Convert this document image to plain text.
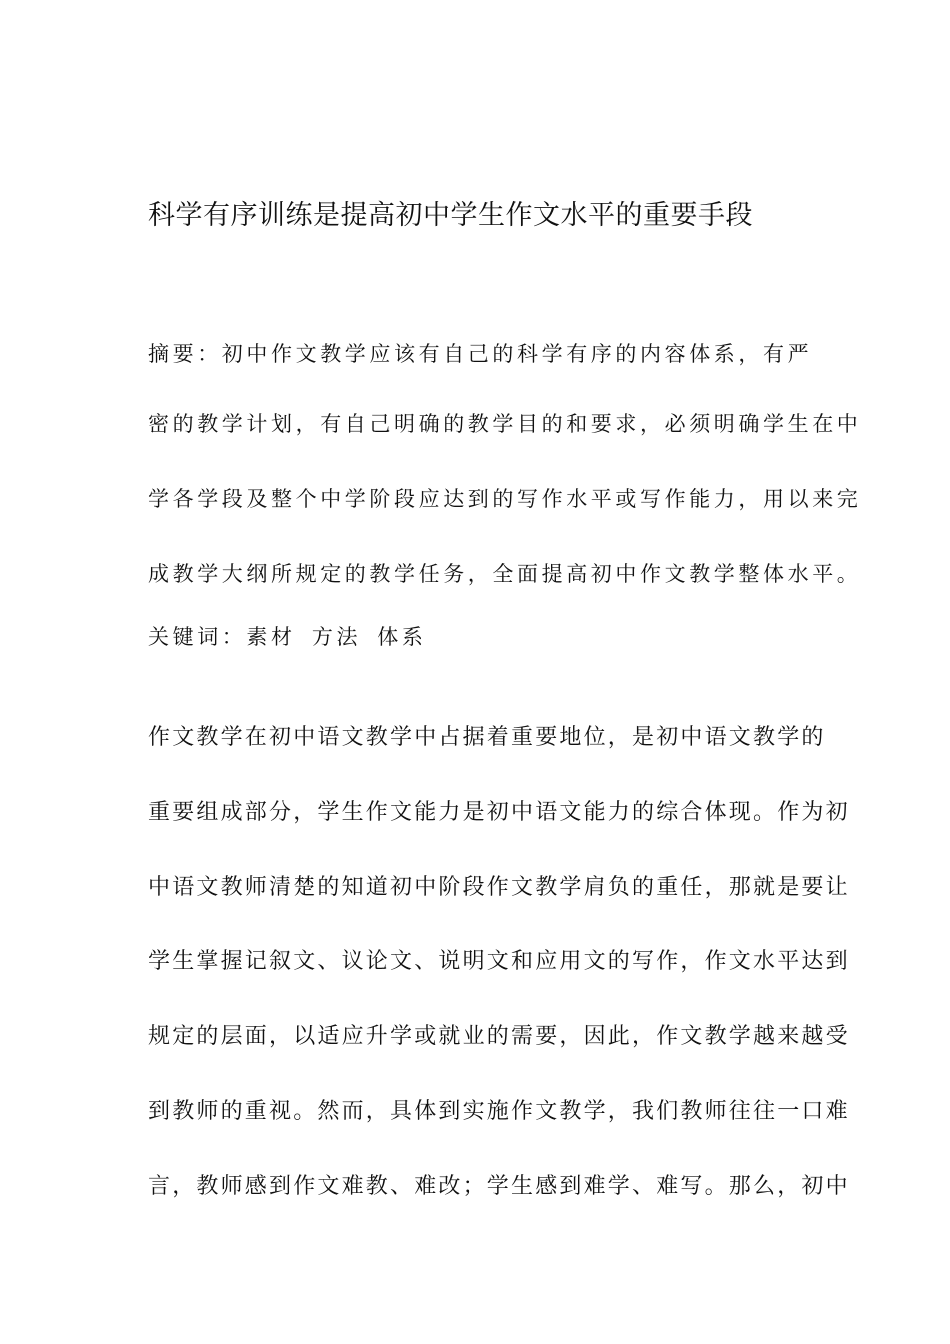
科学有序训练是提高初中学生作文水平的重要手段
摘要：初中作文教学应该有自己的科学有序的内容体系，有严
密的教学计划，有自己明确的教学目的和要求，必须明确学生在中
学各学段及整个中学阶段应达到的写作水平或写作能力，用以来完
成教学大纲所规定的教学任务，全面提高初中作文教学整体水平。
关键词：素材 方法 体系
作文教学在初中语文教学中占据着重要地位，是初中语文教学的
重要组成部分，学生作文能力是初中语文能力的综合体现。作为初
中语文教师清楚的知道初中阶段作文教学肩负的重任，那就是要让
学生掌握记叙文、议论文、说明文和应用文的写作，作文水平达到
规定的层面，以适应升学或就业的需要，因此，作文教学越来越受
到教师的重视。然而，具体到实施作文教学，我们教师往往一口难
言，教师感到作文难教、难改；学生感到难学、难写。那么，初中
